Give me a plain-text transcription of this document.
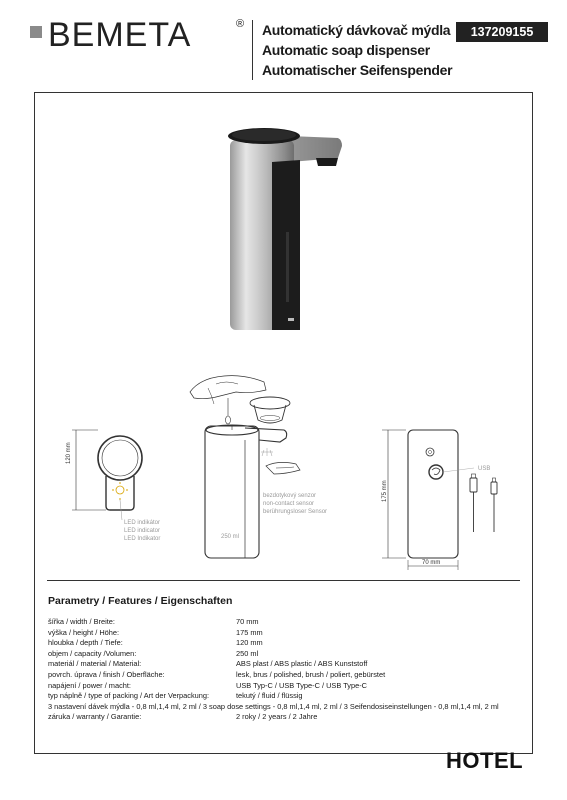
BEMETA	® Automatický dávkovač mýdla
Automatic soap dispenser
Automatischer Seifenspender
137209155
120 mm
LED indikátor
LED indicator
LED Indikator
bezdotykový senzor
non-contact sensor
berührungsloser Sensor
250 ml
USB
175 mm
70 mm
Parametry / Features / Eigenschaften
šířka / width / Breite:	70 mm
výška / height / Höhe:	175 mm
hloubka / depth / Tiefe:	120 mm
objem / capacity /Volumen:	250 ml
materiál / material / Material:	ABS plast / ABS plastic / ABS Kunststoff
povrch. úprava / finish / Oberfläche:	lesk, brus / polished, brush / poliert, gebürstet
napájení / power / macht:	USB Typ-C / USB Type-C / USB Type-C
typ náplně / type of packing / Art der Verpackung:	tekutý / fluid / flüssig
3 nastavení dávek mýdla - 0,8 ml,1,4 ml, 2 ml / 3 soap dose settings - 0,8 ml,1,4 ml, 2 ml / 3 Seifendosiseinstellungen - 0,8 ml,1,4 ml, 2 ml
záruka / warranty / Garantie:	2 roky / 2 years / 2 Jahre
HOTEL
